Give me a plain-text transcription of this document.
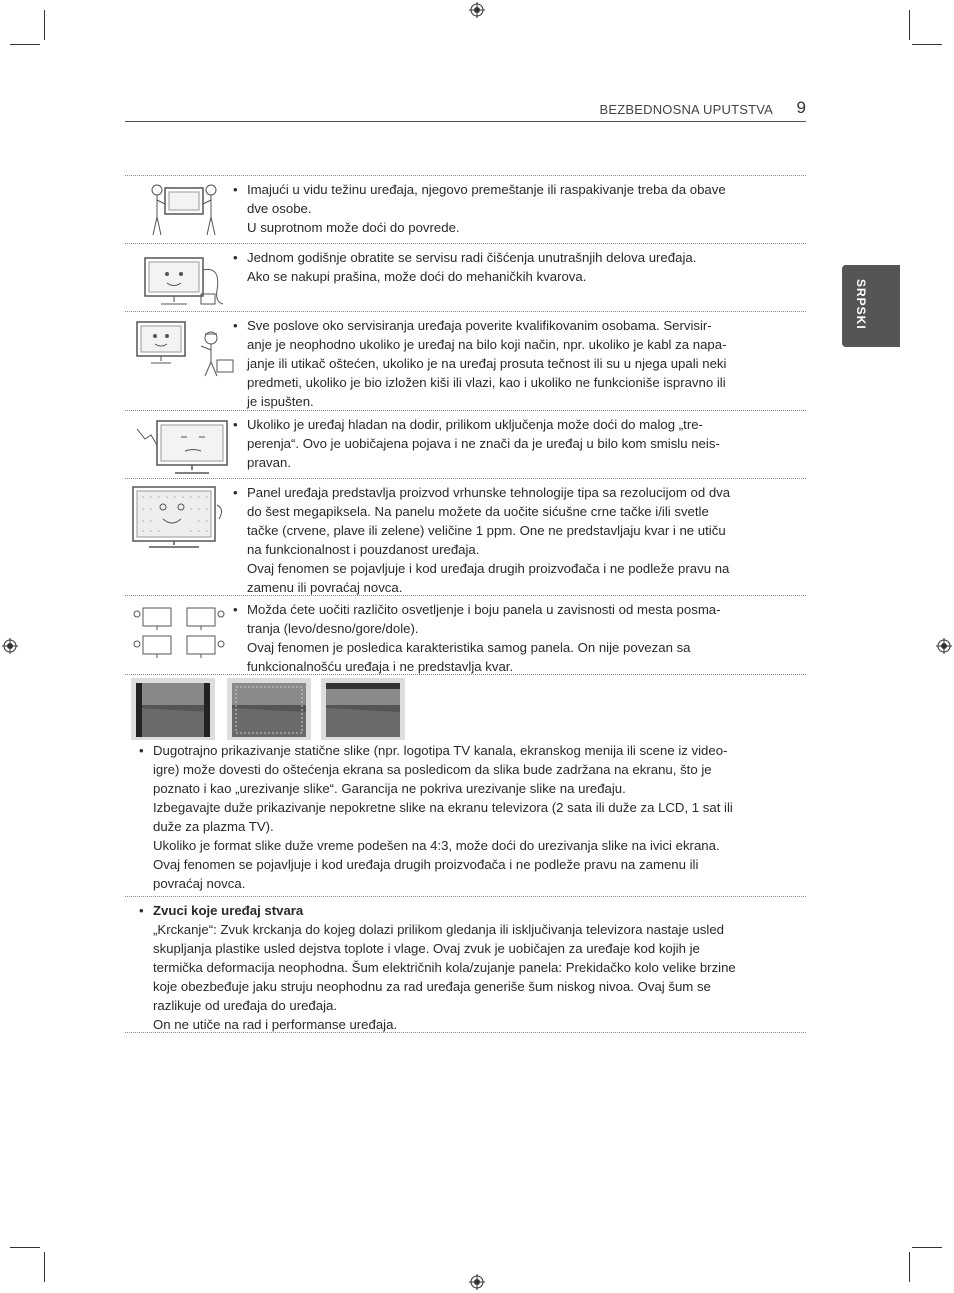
BEZBEDNOSNA UPUTSTVA 9
SRPSKI
• Imajući u vidu težinu uređaja, njegovo premeštanje ili raspakivanje treba da obave
dve osobe.
U suprotnom može doći do povrede.
• Jednom godišnje obratite se servisu radi čišćenja unutrašnjih delova uređaja.
Ako se nakupi prašina, može doći do mehaničkih kvarova.
• Sve poslove oko servisiranja uređaja poverite kvalifikovanim osobama. Servisir-
anje je neophodno ukoliko je uređaj na bilo koji način, npr. ukoliko je kabl za napa-
janje ili utikač oštećen, ukoliko je na uređaj prosuta tečnost ili su u njega upali neki
predmeti, ukoliko je bio izložen kiši ili vlazi, kao i ukoliko ne funkcioniše ispravno ili
je ispušten.
• Ukoliko je uređaj hladan na dodir, prilikom uključenja može doći do malog „tre-
perenja“. Ovo je uobičajena pojava i ne znači da je uređaj u bilo kom smislu neis-
pravan.
• Panel uređaja predstavlja proizvod vrhunske tehnologije tipa sa rezolucijom od dva
do šest megapiksela. Na panelu možete da uočite sićušne crne tačke i/ili svetle
tačke (crvene, plave ili zelene) veličine 1 ppm. One ne predstavljaju kvar i ne utiču
na funkcionalnost i pouzdanost uređaja.
Ovaj fenomen se pojavljuje i kod uređaja drugih proizvođača i ne podleže pravu na
zamenu ili povraćaj novca.
• Možda ćete uočiti različito osvetljenje i boju panela u zavisnosti od mesta posma-
tranja (levo/desno/gore/dole).
Ovaj fenomen je posledica karakteristika samog panela. On nije povezan sa
funkcionalnošću uređaja i ne predstavlja kvar.
• Dugotrajno prikazivanje statične slike (npr. logotipa TV kanala, ekranskog menija ili scene iz video-
igre) može dovesti do oštećenja ekrana sa posledicom da slika bude zadržana na ekranu, što je
poznato i kao „urezivanje slike“. Garancija ne pokriva urezivanje slike na uređaju.
Izbegavajte duže prikazivanje nepokretne slike na ekranu televizora (2 sata ili duže za LCD, 1 sat ili
duže za plazma TV).
Ukoliko je format slike duže vreme podešen na 4:3, može doći do urezivanja slike na ivici ekrana.
Ovaj fenomen se pojavljuje i kod uređaja drugih proizvođača i ne podleže pravu na zamenu ili
povraćaj novca.
• Zvuci koje uređaj stvara
„Krckanje“: Zvuk krckanja do kojeg dolazi prilikom gledanja ili isključivanja televizora nastaje usled
skupljanja plastike usled dejstva toplote i vlage. Ovaj zvuk je uobičajen za uređaje kod kojih je
termička deformacija neophodna. Šum električnih kola/zujanje panela: Prekidačko kolo velike brzine
koje obezbeđuje jaku struju neophodnu za rad uređaja generiše šum niskog nivoa. Ovaj šum se
razlikuje od uređaja do uređaja.
On ne utiče na rad i performanse uređaja.
